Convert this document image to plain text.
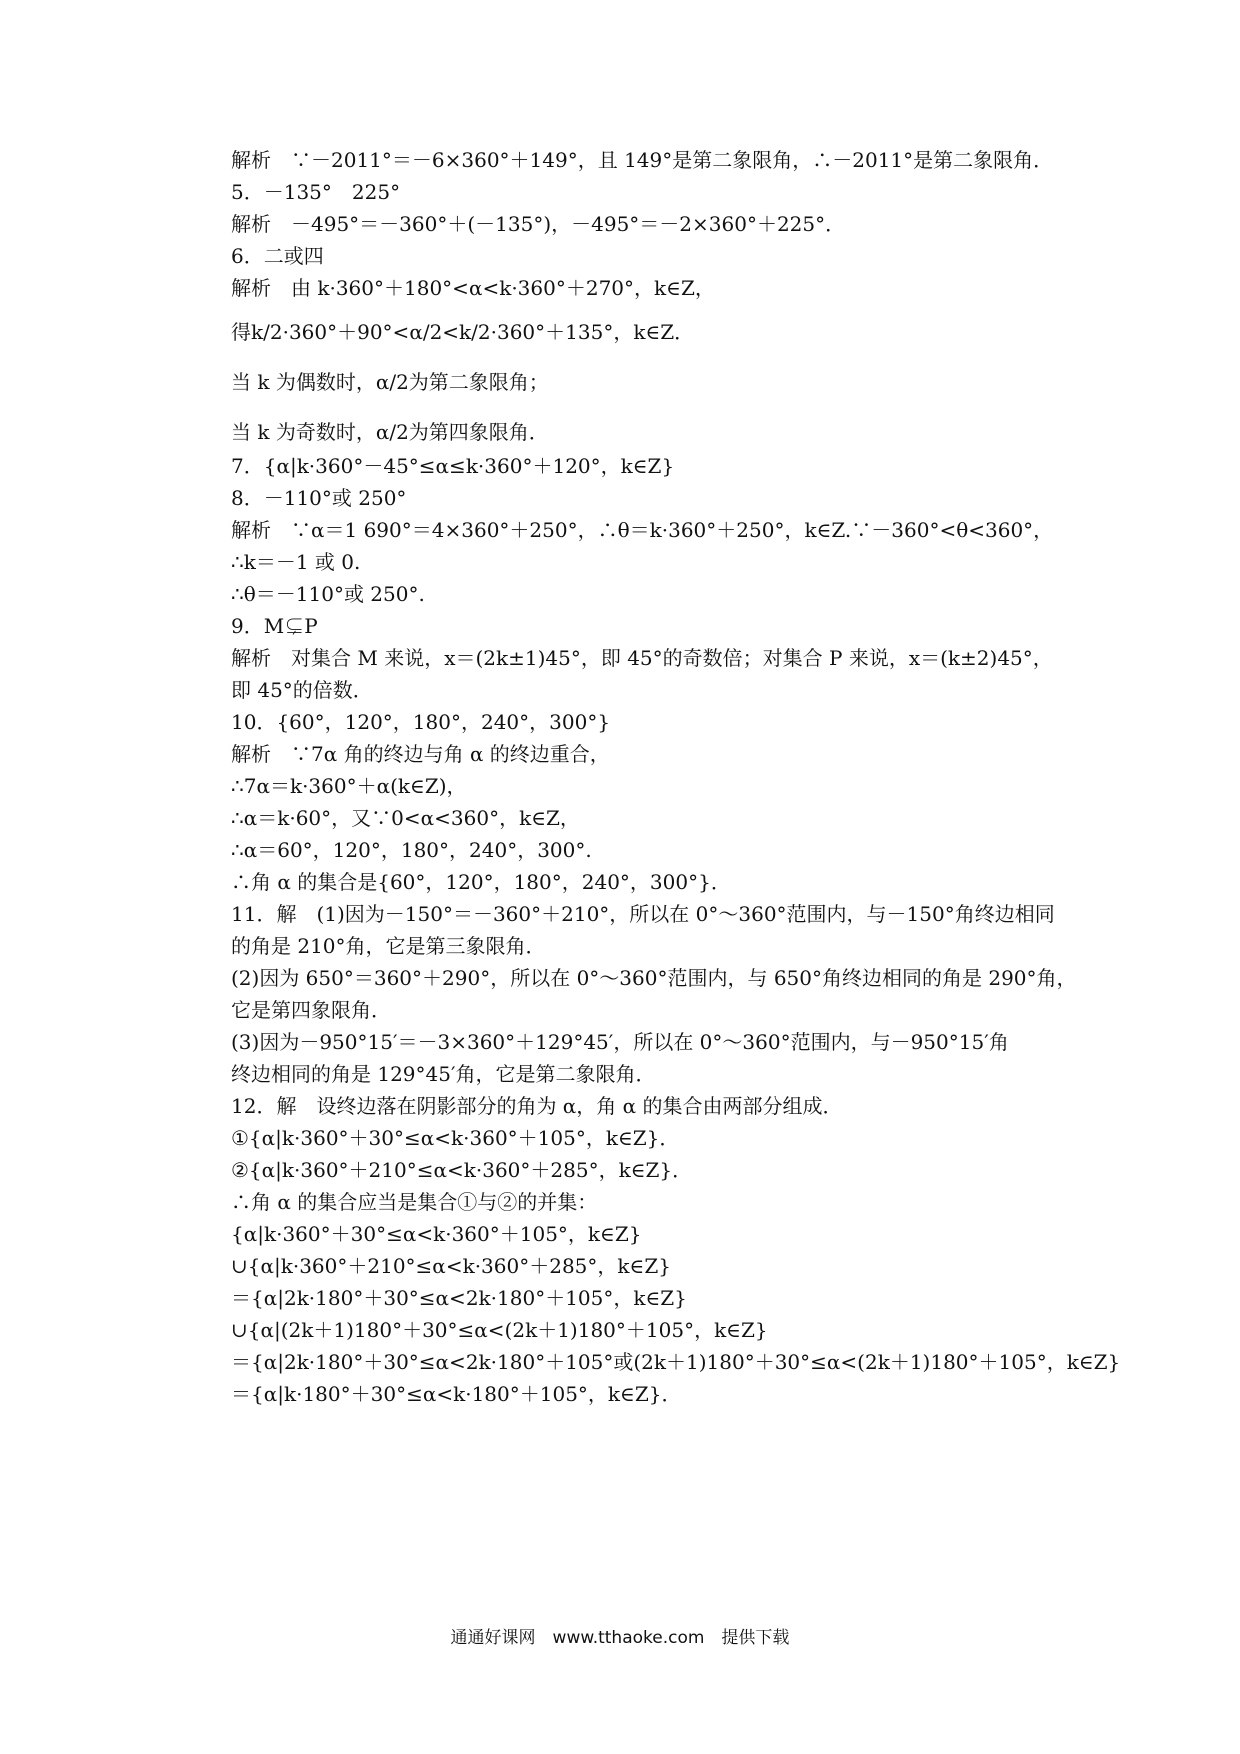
解析　∵－2011°＝－6×360°＋149°，且 149°是第二象限角，∴－2011°是第二象限角．

5．－135°　225°

解析　－495°＝－360°＋(－135°)，－495°＝－2×360°＋225°．

6．二或四

解析　由 k·360°＋180°<α<k·360°＋270°，k∈Z，

得k/2·360°＋90°<α/2<k/2·360°＋135°，k∈Z．

当 k 为偶数时，α/2为第二象限角；

当 k 为奇数时，α/2为第四象限角．

7．{α|k·360°－45°≤α≤k·360°＋120°，k∈Z}

8．－110°或 250°

解析　∵α＝1 690°＝4×360°＋250°，∴θ＝k·360°＋250°，k∈Z.∵－360°<θ<360°，

∴k＝－1 或 0.

∴θ＝－110°或 250°.

9．M⊊P

解析　对集合 M 来说，x＝(2k±1)45°，即 45°的奇数倍；对集合 P 来说，x＝(k±2)45°，

即 45°的倍数．

10．{60°，120°，180°，240°，300°}

解析　∵7α 角的终边与角 α 的终边重合，

∴7α＝k·360°＋α(k∈Z)，

∴α＝k·60°，又∵0<α<360°，k∈Z，

∴α＝60°，120°，180°，240°，300°.

∴角 α 的集合是{60°，120°，180°，240°，300°}．

11．解　(1)因为－150°＝－360°＋210°，所以在 0°～360°范围内，与－150°角终边相同

的角是 210°角，它是第三象限角．

(2)因为 650°＝360°＋290°，所以在 0°～360°范围内，与 650°角终边相同的角是 290°角，

它是第四象限角．

(3)因为－950°15′＝－3×360°＋129°45′，所以在 0°～360°范围内，与－950°15′角

终边相同的角是 129°45′角，它是第二象限角．

12．解　设终边落在阴影部分的角为 α，角 α 的集合由两部分组成．

①{α|k·360°＋30°≤α<k·360°＋105°，k∈Z}．

②{α|k·360°＋210°≤α<k·360°＋285°，k∈Z}．

∴角 α 的集合应当是集合①与②的并集：

{α|k·360°＋30°≤α<k·360°＋105°，k∈Z}

∪{α|k·360°＋210°≤α<k·360°＋285°，k∈Z}

＝{α|2k·180°＋30°≤α<2k·180°＋105°，k∈Z}

∪{α|(2k＋1)180°＋30°≤α<(2k＋1)180°＋105°，k∈Z}

＝{α|2k·180°＋30°≤α<2k·180°＋105°或(2k＋1)180°＋30°≤α<(2k＋1)180°＋105°，k∈Z}

＝{α|k·180°＋30°≤α<k·180°＋105°，k∈Z}．

通通好课网　www.tthaoke.com　提供下载
